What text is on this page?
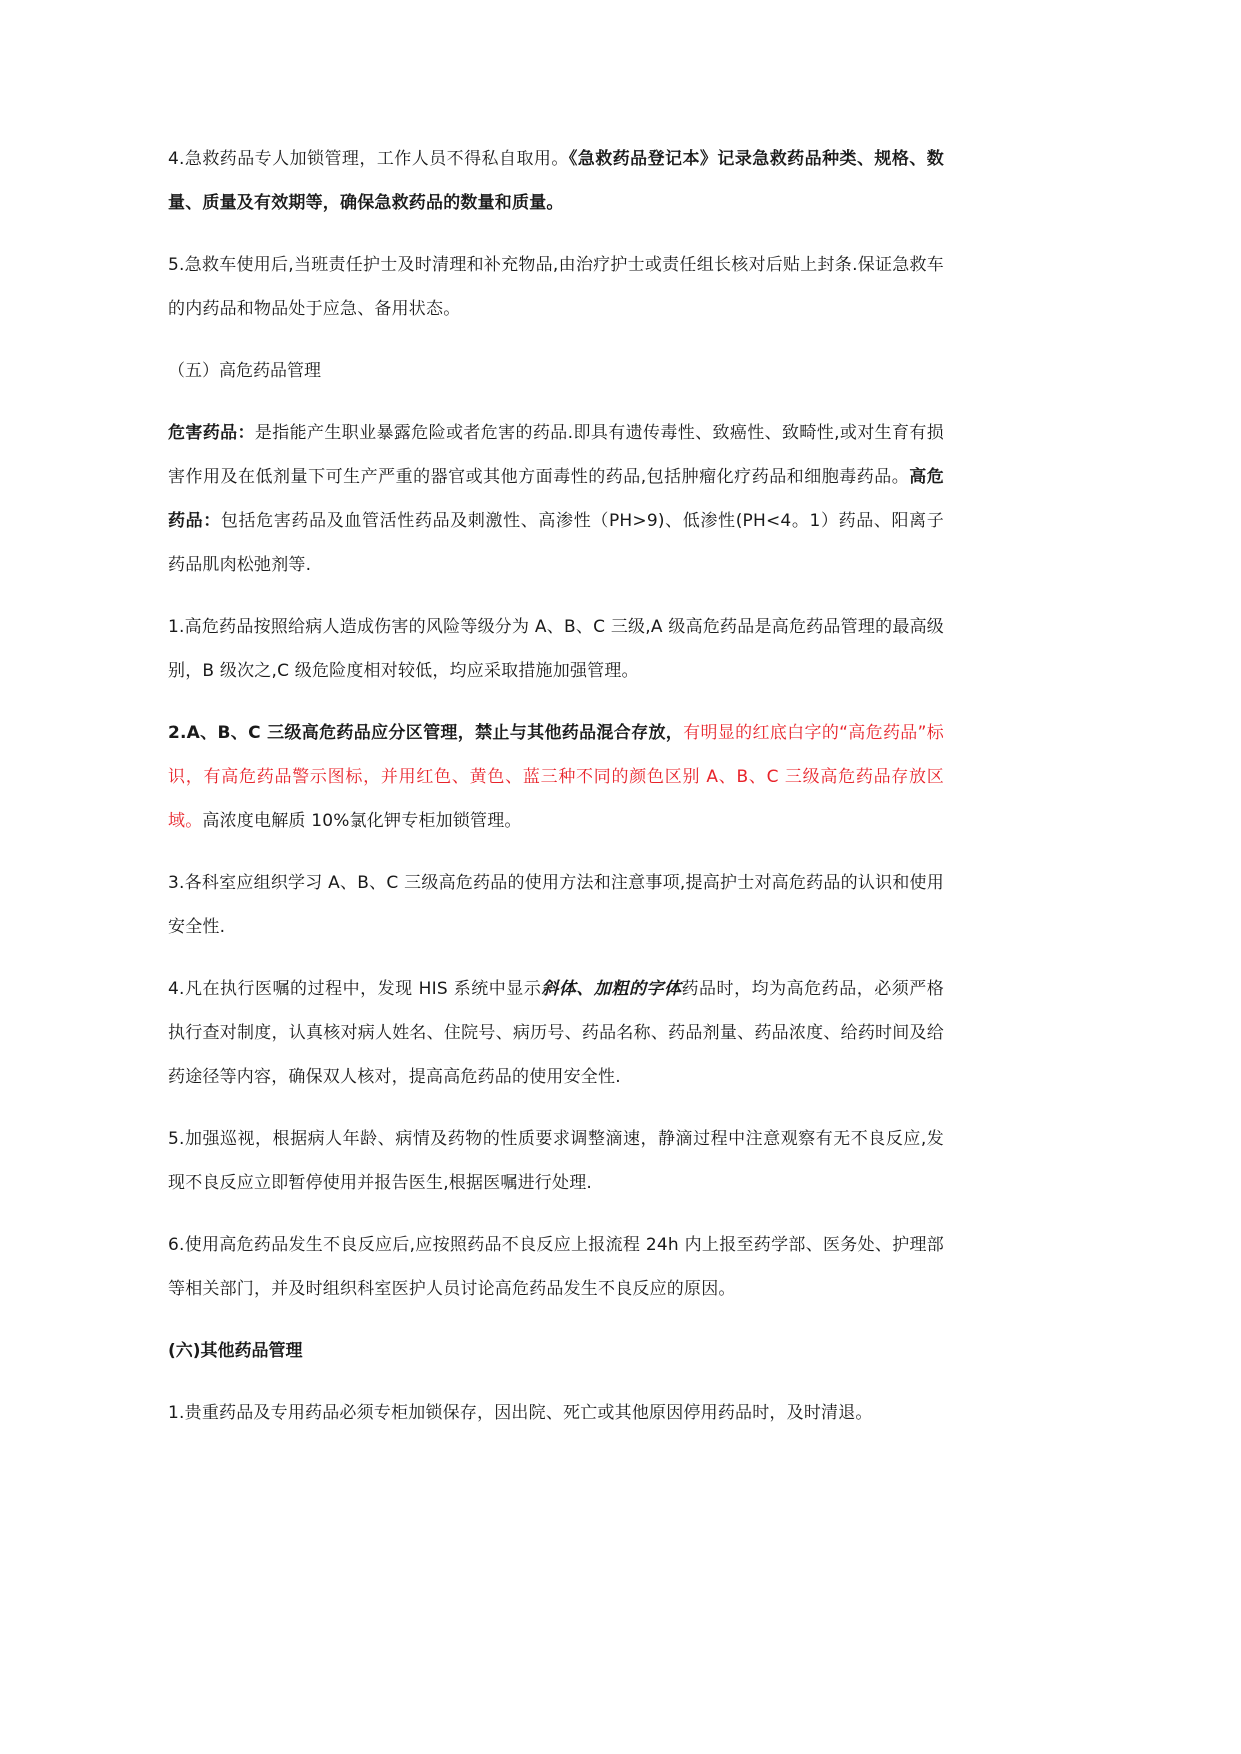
4.急救药品专人加锁管理，工作人员不得私自取用。《急救药品登记本》记录急救药品种类、规格、数量、质量及有效期等，确保急救药品的数量和质量。

5.急救车使用后,当班责任护士及时清理和补充物品,由治疗护士或责任组长核对后贴上封条.保证急救车的内药品和物品处于应急、备用状态。

（五）高危药品管理

危害药品：是指能产生职业暴露危险或者危害的药品.即具有遗传毒性、致癌性、致畸性,或对生育有损害作用及在低剂量下可生产严重的器官或其他方面毒性的药品,包括肿瘤化疗药品和细胞毒药品。高危药品：包括危害药品及血管活性药品及刺激性、高渗性（PH>9)、低渗性(PH<4。1）药品、阳离子药品肌肉松弛剂等.

1.高危药品按照给病人造成伤害的风险等级分为 A、B、C 三级,A 级高危药品是高危药品管理的最高级别，B 级次之,C 级危险度相对较低，均应采取措施加强管理。

2.A、B、C 三级高危药品应分区管理，禁止与其他药品混合存放，有明显的红底白字的“高危药品”标识，有高危药品警示图标，并用红色、黄色、蓝三种不同的颜色区别 A、B、C 三级高危药品存放区域。高浓度电解质 10%氯化钾专柜加锁管理。

3.各科室应组织学习 A、B、C 三级高危药品的使用方法和注意事项,提高护士对高危药品的认识和使用安全性.

4.凡在执行医嘱的过程中，发现 HIS 系统中显示斜体、加粗的字体药品时，均为高危药品，必须严格执行查对制度，认真核对病人姓名、住院号、病历号、药品名称、药品剂量、药品浓度、给药时间及给药途径等内容，确保双人核对，提高高危药品的使用安全性.

5.加强巡视，根据病人年龄、病情及药物的性质要求调整滴速，静滴过程中注意观察有无不良反应,发现不良反应立即暂停使用并报告医生,根据医嘱进行处理.

6.使用高危药品发生不良反应后,应按照药品不良反应上报流程 24h 内上报至药学部、医务处、护理部等相关部门，并及时组织科室医护人员讨论高危药品发生不良反应的原因。

(六)其他药品管理

1.贵重药品及专用药品必须专柜加锁保存，因出院、死亡或其他原因停用药品时，及时清退。
